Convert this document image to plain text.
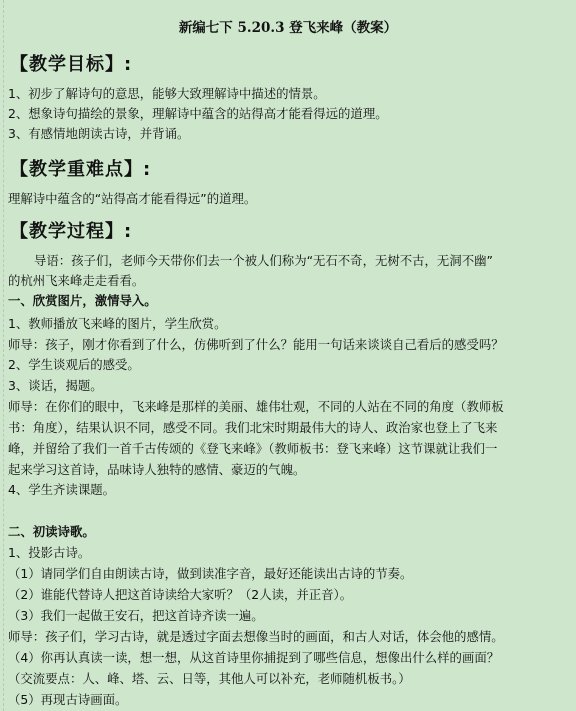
新编七下 5.20.3 登飞来峰（教案）
【教学目标】:
1、初步了解诗句的意思，能够大致理解诗中描述的情景。
2、想象诗句描绘的景象，理解诗中蕴含的站得高才能看得远的道理。
3、有感情地朗读古诗，并背诵。
【教学重难点】:
理解诗中蕴含的“站得高才能看得远”的道理。
【教学过程】:
导语：孩子们，老师今天带你们去一个被人们称为“无石不奇，无树不古，无洞不幽”
的杭州飞来峰走走看看。
一、欣赏图片，激情导入。
1、教师播放飞来峰的图片，学生欣赏。
师导：孩子，刚才你看到了什么，仿佛听到了什么？能用一句话来谈谈自己看后的感受吗？
2、学生谈观后的感受。
3、谈话，揭题。
师导：在你们的眼中，飞来峰是那样的美丽、雄伟壮观，不同的人站在不同的角度（教师板
书：角度），结果认识不同，感受不同。我们北宋时期最伟大的诗人、政治家也登上了飞来
峰，并留给了我们一首千古传颂的《登飞来峰》（教师板书：登飞来峰）这节课就让我们一
起来学习这首诗，品味诗人独特的感情、豪迈的气魄。
4、学生齐读课题。
二、初读诗歌。
1、投影古诗。
（1）请同学们自由朗读古诗，做到读准字音，最好还能读出古诗的节奏。
（2）谁能代替诗人把这首诗读给大家听？（2人读，并正音）。
（3）我们一起做王安石，把这首诗齐读一遍。
师导：孩子们，学习古诗，就是透过字面去想像当时的画面，和古人对话，体会他的感情。
（4）你再认真读一读，想一想，从这首诗里你捕捉到了哪些信息，想像出什么样的画面？
（交流要点：人、峰、塔、云、日等，其他人可以补充，老师随机板书。）
（5）再现古诗画面。
